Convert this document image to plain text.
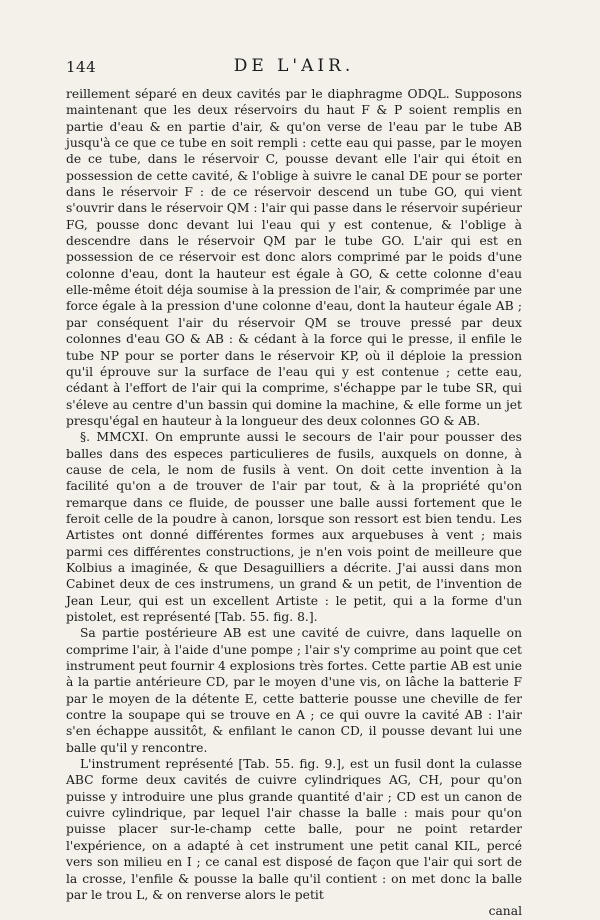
144	DE L'AIR.

reillement séparé en deux cavités par le diaphragme ODQL. Supposons maintenant que les deux réservoirs du haut F & P soient remplis en partie d'eau & en partie d'air, & qu'on verse de l'eau par le tube AB jusqu'à ce que ce tube en soit rempli : cette eau qui passe, par le moyen de ce tube, dans le réservoir C, pousse devant elle l'air qui étoit en possession de cette cavité, & l'oblige à suivre le canal DE pour se porter dans le réservoir F : de ce réservoir descend un tube GO, qui vient s'ouvrir dans le réservoir QM : l'air qui passe dans le réservoir supérieur FG, pousse donc devant lui l'eau qui y est contenue, & l'oblige à descendre dans le réservoir QM par le tube GO. L'air qui est en possession de ce réservoir est donc alors comprimé par le poids d'une colonne d'eau, dont la hauteur est égale à GO, & cette colonne d'eau elle-même étoit déja soumise à la pression de l'air, & comprimée par une force égale à la pression d'une colonne d'eau, dont la hauteur égale AB ; par conséquent l'air du réservoir QM se trouve pressé par deux colonnes d'eau GO & AB : & cédant à la force qui le presse, il enfile le tube NP pour se porter dans le réservoir KP, où il déploie la pression qu'il éprouve sur la surface de l'eau qui y est contenue ; cette eau, cédant à l'effort de l'air qui la comprime, s'échappe par le tube SR, qui s'éleve au centre d'un bassin qui domine la machine, & elle forme un jet presqu'égal en hauteur à la longueur des deux colonnes GO & AB.

§. MMCXI. On emprunte aussi le secours de l'air pour pousser des balles dans des especes particulieres de fusils, auxquels on donne, à cause de cela, le nom de fusils à vent. On doit cette invention à la facilité qu'on a de trouver de l'air par tout, & à la propriété qu'on remarque dans ce fluide, de pousser une balle aussi fortement que le feroit celle de la poudre à canon, lorsque son ressort est bien tendu. Les Artistes ont donné différentes formes aux arquebuses à vent ; mais parmi ces différentes constructions, je n'en vois point de meilleure que Kolbius a imaginée, & que Desaguilliers a décrite. J'ai aussi dans mon Cabinet deux de ces instrumens, un grand & un petit, de l'invention de Jean Leur, qui est un excellent Artiste : le petit, qui a la forme d'un pistolet, est représenté [Tab. 55. fig. 8.].

Sa partie postérieure AB est une cavité de cuivre, dans laquelle on comprime l'air, à l'aide d'une pompe ; l'air s'y comprime au point que cet instrument peut fournir 4 explosions très fortes. Cette partie AB est unie à la partie antérieure CD, par le moyen d'une vis, on lâche la batterie F par le moyen de la détente E, cette batterie pousse une cheville de fer contre la soupape qui se trouve en A ; ce qui ouvre la cavité AB : l'air s'en échappe aussitôt, & enfilant le canon CD, il pousse devant lui une balle qu'il y rencontre.

L'instrument représenté [Tab. 55. fig. 9.], est un fusil dont la culasse ABC forme deux cavités de cuivre cylindriques AG, CH, pour qu'on puisse y introduire une plus grande quantité d'air ; CD est un canon de cuivre cylindrique, par lequel l'air chasse la balle : mais pour qu'on puisse placer sur-le-champ cette balle, pour ne point retarder l'expérience, on a adapté à cet instrument une petit canal KIL, percé vers son milieu en I ; ce canal est disposé de façon que l'air qui sort de la crosse, l'enfile & pousse la balle qu'il contient : on met donc la balle par le trou L, & on renverse alors le petit

canal
